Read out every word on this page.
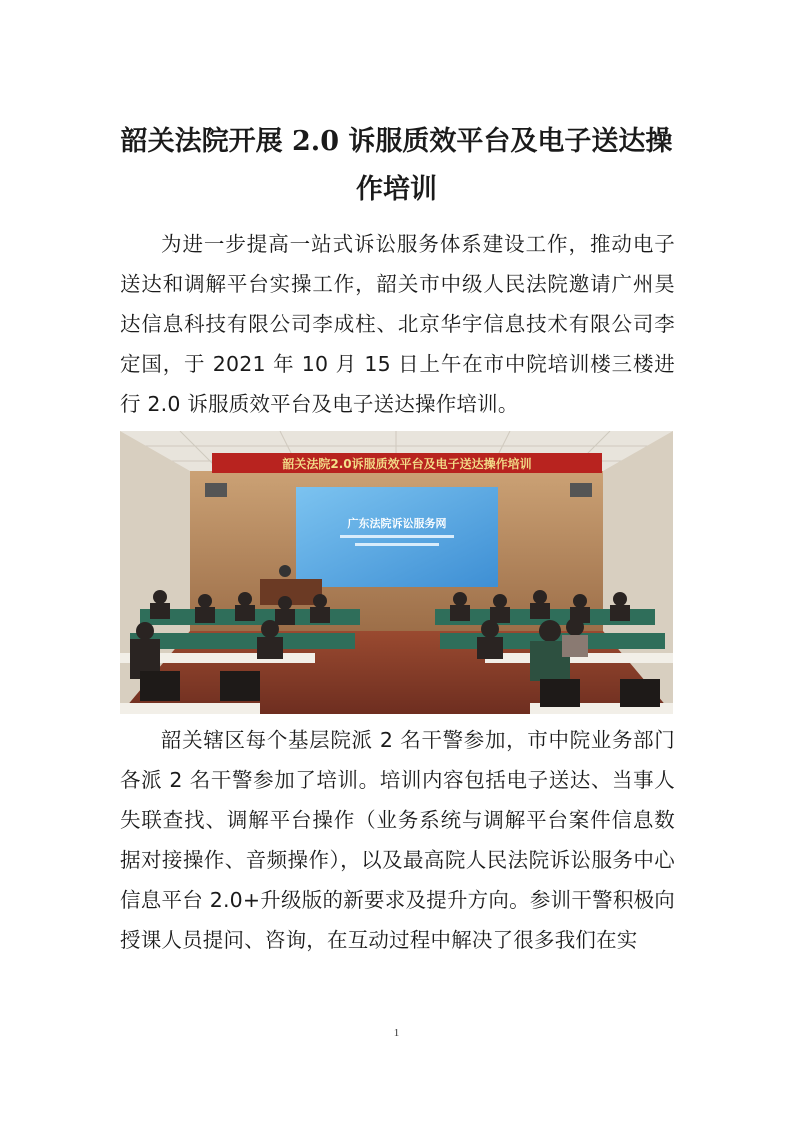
韶关法院开展 2.0 诉服质效平台及电子送达操作培训

为进一步提高一站式诉讼服务体系建设工作，推动电子送达和调解平台实操工作，韶关市中级人民法院邀请广州昊达信息科技有限公司李成柱、北京华宇信息技术有限公司李定国，于 2021 年 10 月 15 日上午在市中院培训楼三楼进行 2.0 诉服质效平台及电子送达操作培训。

韶关法院2.0诉服质效平台及电子送达操作培训
广东法院诉讼服务网

韶关辖区每个基层院派 2 名干警参加，市中院业务部门各派 2 名干警参加了培训。培训内容包括电子送达、当事人失联查找、调解平台操作（业务系统与调解平台案件信息数据对接操作、音频操作），以及最高院人民法院诉讼服务中心信息平台 2.0+升级版的新要求及提升方向。参训干警积极向授课人员提问、咨询，在互动过程中解决了很多我们在实

1
